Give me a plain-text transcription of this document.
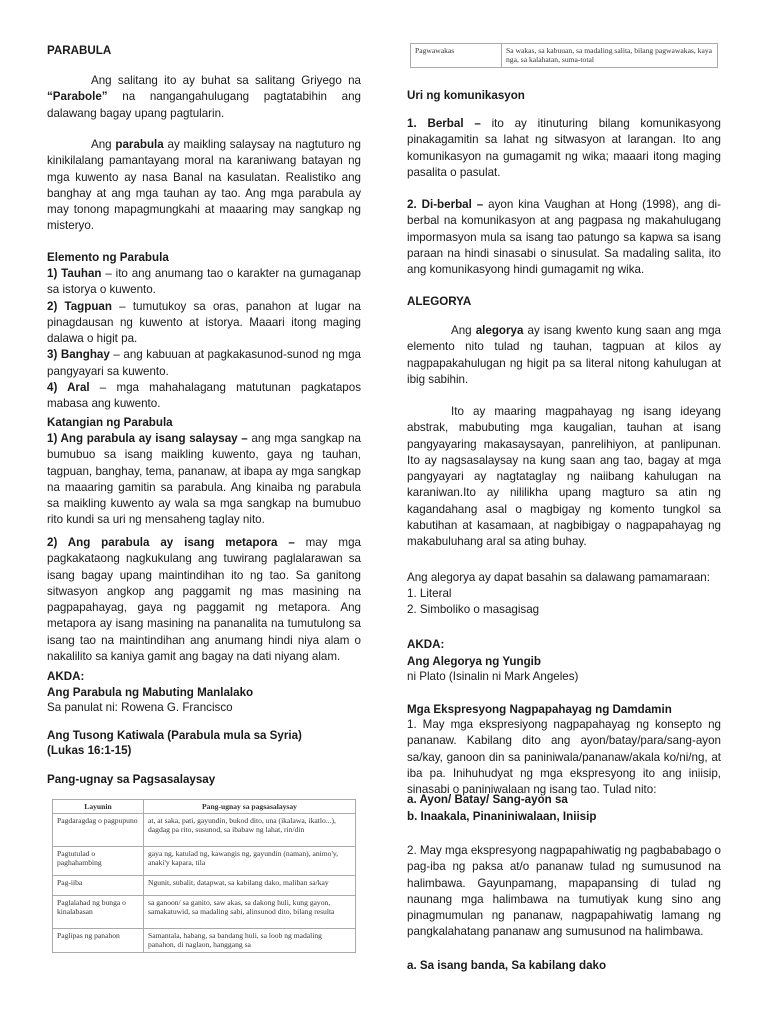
PARABULA

Ang salitang ito ay buhat sa salitang Griyego na “Parabole” na nangangahulugang pagtatabihin ang dalawang bagay upang pagtularin.

Ang parabula ay maikling salaysay na nagtuturo ng kinikilalang pamantayang moral na karaniwang batayan ng mga kuwento ay nasa Banal na kasulatan. Realistiko ang banghay at ang mga tauhan ay tao. Ang mga parabula ay may tonong mapagmungkahi at maaaring may sangkap ng misteryo.

Elemento ng Parabula
1) Tauhan – ito ang anumang tao o karakter na gumaganap sa istorya o kuwento.
2) Tagpuan – tumutukoy sa oras, panahon at lugar na pinagdausan ng kuwento at istorya. Maaari itong maging dalawa o higit pa.
3) Banghay – ang kabuuan at pagkakasunod-sunod ng mga pangyayari sa kuwento.
4) Aral – mga mahahalagang matutunan pagkatapos mabasa ang kuwento.
Katangian ng Parabula

1) Ang parabula ay isang salaysay – ang mga sangkap na bumubuo sa isang maikling kuwento, gaya ng tauhan, tagpuan, banghay, tema, pananaw, at ibapa ay mga sangkap na maaaring gamitin sa parabula. Ang kinaiba ng parabula sa maikling kuwento ay wala sa mga sangkap na bumubuo rito kundi sa uri ng mensaheng taglay nito.

2) Ang parabula ay isang metapora – may mga pagkakataong nagkukulang ang tuwirang paglalarawan sa isang bagay upang maintindihan ito ng tao. Sa ganitong sitwasyon angkop ang paggamit ng mas masining na pagpapahayag, gaya ng paggamit ng metapora. Ang metapora ay isang masining na pananalita na tumutulong sa isang tao na maintindihan ang anumang hindi niya alam o nakalilito sa kaniya gamit ang bagay na dati niyang alam.

AKDA:
Ang Parabula ng Mabuting Manlalako
Sa panulat ni: Rowena G. Francisco
Ang Tusong Katiwala (Parabula mula sa Syria)
(Lukas 16:1-15)
Pang-ugnay sa Pagsasalaysay
Layunin	Pang-ugnay sa pagsasalaysay
Pagdaragdag o pagpupuno	at, at saka, pati, gayundin, bukod dito, una (ikalawa, ikatlo...), dagdag pa rito, susunod, sa ibabaw ng lahat, rin/din
Pagtutulad o paghahambing	gaya ng, katulad ng, kawangis ng, gayundin (naman), animo'y, anaki'y kapara, tila
Pag-iiba	Ngunit, subalit, datapwat, sa kabilang dako, maliban sa/kay
Paglalahad ng bunga o kinalabasan	sa ganoon/ sa ganito, saw akas, sa dakong huli, kung gayon, samakatuwid, sa madaling sabi, alinsunod dito, bilang resulta
Paglipas ng panahon	Samantala, habang, sa bandang huli, sa loob ng madaling panahon, di naglaon, hanggang sa
Pagwawakas	Sa wakas, sa kabuuan, sa madaling salita, bilang pagwawakas, kaya nga, sa kalahatan, suma-total
Uri ng komunikasyon

1. Berbal – ito ay itinuturing bilang komunikasyong pinakagamitin sa lahat ng sitwasyon at larangan. Ito ang komunikasyon na gumagamit ng wika; maaari itong maging pasalita o pasulat.

2. Di-berbal – ayon kina Vaughan at Hong (1998), ang di-berbal na komunikasyon at ang pagpasa ng makahulugang impormasyon mula sa isang tao patungo sa kapwa sa isang paraan na hindi sinasabi o sinusulat. Sa madaling salita, ito ang komunikasyong hindi gumagamit ng wika.

ALEGORYA

Ang alegorya ay isang kwento kung saan ang mga elemento nito tulad ng tauhan, tagpuan at kilos ay nagpapakahulugan ng higit pa sa literal nitong kahulugan at ibig sabihin.

Ito ay maaring magpahayag ng isang ideyang abstrak, mabubuting mga kaugalian, tauhan at isang pangyayaring makasaysayan, panrelihiyon, at panlipunan. Ito ay nagsasalaysay na kung saan ang tao, bagay at mga pangyayari ay nagtataglay ng naiibang kahulugan na karaniwan.Ito ay nililikha upang magturo sa atin ng kagandahang asal o magbigay ng komento tungkol sa kabutihan at kasamaan, at nagbibigay o nagpapahayag ng makabuluhang aral sa ating buhay.

Ang alegorya ay dapat basahin sa dalawang pamamaraan:
1. Literal
2. Simboliko o masagisag
AKDA:
Ang Alegorya ng Yungib
ni Plato (Isinalin ni Mark Angeles)
Mga Ekspresyong Nagpapahayag ng Damdamin

1. May mga ekspresiyong nagpapahayag ng konsepto ng pananaw. Kabilang dito ang ayon/batay/para/sang-ayon sa/kay, ganoon din sa paniniwala/pananaw/akala ko/ni/ng, at iba pa. Inihuhudyat ng mga ekspresyong ito ang iniisip, sinasabi o paniniwalaan ng isang tao. Tulad nito:

a. Ayon/ Batay/ Sang-ayon sa
b. Inaakala, Pinaniniwalaan, Iniisip

2. May mga ekspresyong nagpapahiwatig ng pagbababago o pag-iba ng paksa at/o pananaw tulad ng sumusunod na halimbawa. Gayunpamang, mapapansing di tulad ng naunang mga halimbawa na tumutiyak kung sino ang pinagmumulan ng pananaw, nagpapahiwatig lamang ng pangkalahatang pananaw ang sumusunod na halimbawa.

a. Sa isang banda, Sa kabilang dako
